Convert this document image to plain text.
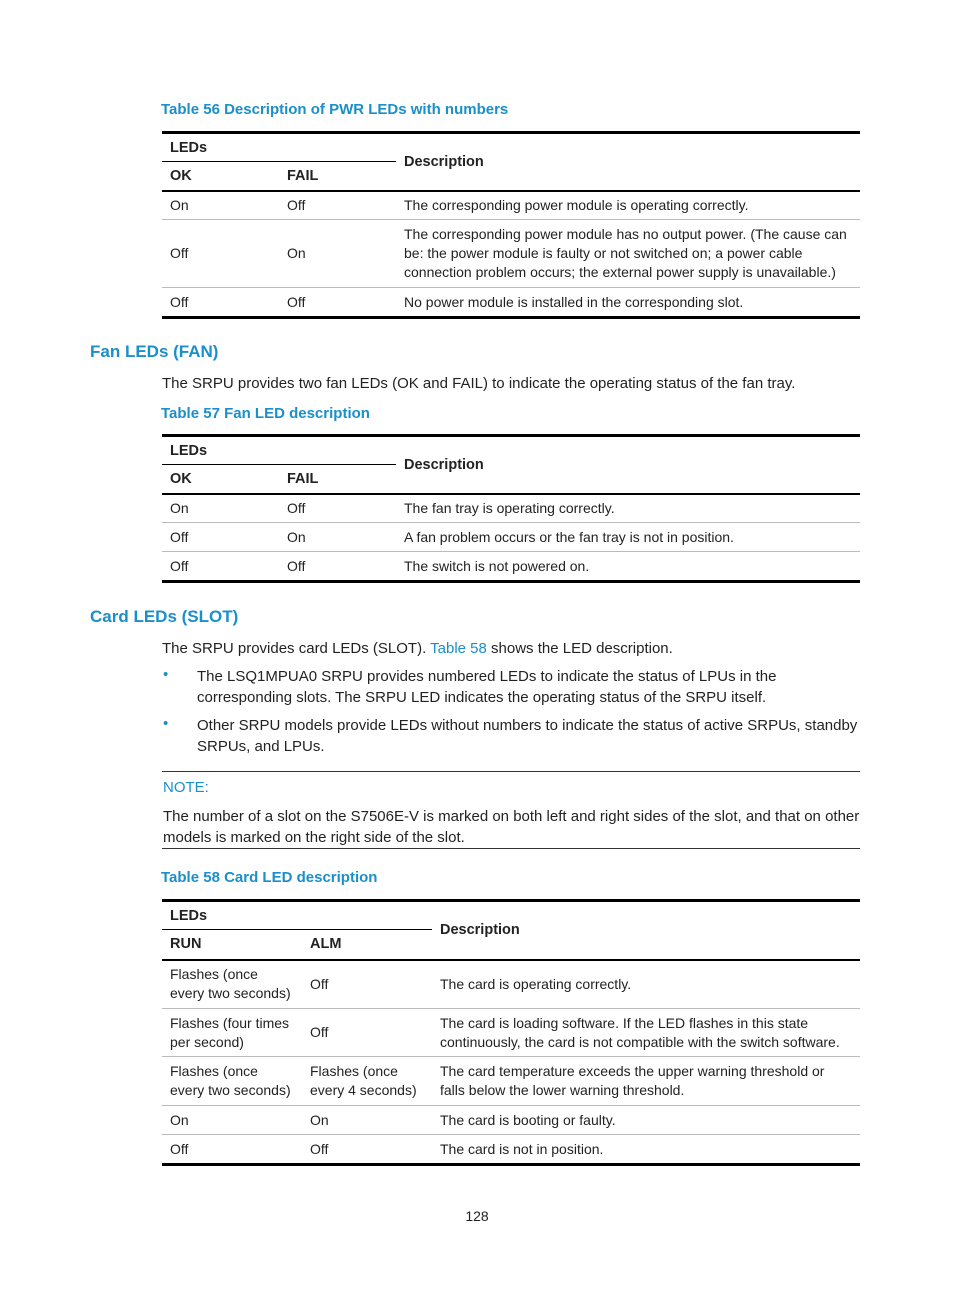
Table 56 Description of PWR LEDs with numbers
LEDs		Description
OK	FAIL	
On	Off	The corresponding power module is operating correctly.
Off	On	The corresponding power module has no output power. (The cause can be: the power module is faulty or not switched on; a power cable connection problem occurs; the external power supply is unavailable.)
Off	Off	No power module is installed in the corresponding slot.
Fan LEDs (FAN)
The SRPU provides two fan LEDs (OK and FAIL) to indicate the operating status of the fan tray.
Table 57 Fan LED description
LEDs		Description
OK	FAIL	
On	Off	The fan tray is operating correctly.
Off	On	A fan problem occurs or the fan tray is not in position.
Off	Off	The switch is not powered on.
Card LEDs (SLOT)
The SRPU provides card LEDs (SLOT). Table 58 shows the LED description.
• The LSQ1MPUA0 SRPU provides numbered LEDs to indicate the status of LPUs in the corresponding slots. The SRPU LED indicates the operating status of the SRPU itself.
• Other SRPU models provide LEDs without numbers to indicate the status of active SRPUs, standby SRPUs, and LPUs.
NOTE:
The number of a slot on the S7506E-V is marked on both left and right sides of the slot, and that on other models is marked on the right side of the slot.
Table 58 Card LED description
LEDs		Description
RUN	ALM	
Flashes (once every two seconds)	Off	The card is operating correctly.
Flashes (four times per second)	Off	The card is loading software. If the LED flashes in this state continuously, the card is not compatible with the switch software.
Flashes (once every two seconds)	Flashes (once every 4 seconds)	The card temperature exceeds the upper warning threshold or falls below the lower warning threshold.
On	On	The card is booting or faulty.
Off	Off	The card is not in position.
128
